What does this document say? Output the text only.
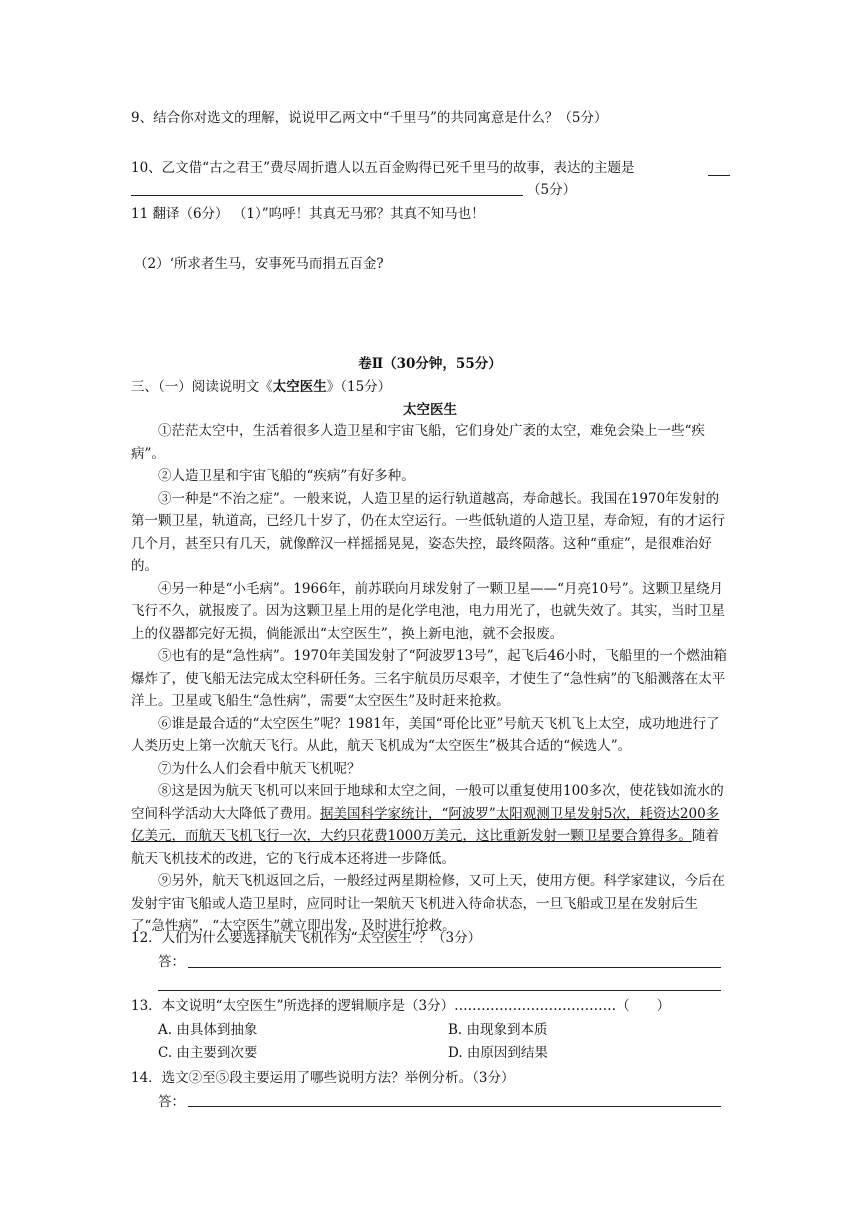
9、结合你对选文的理解，说说甲乙两文中“千里马”的共同寓意是什么？（5分）
10、乙文借“古之君王”费尽周折遣人以五百金购得已死千里马的故事，表达的主题是
（5分）
11 翻译（6分） （1）”呜呼！其真无马邪？其真不知马也！
（2）‘所求者生马，安事死马而捐五百金?
卷Ⅱ（30分钟，55分）
三、（一）阅读说明文《太空医生》（15分）
太空医生

①茫茫太空中，生活着很多人造卫星和宇宙飞船，它们身处广袤的太空，难免会染上一些“疾病”。

②人造卫星和宇宙飞船的“疾病”有好多种。

③一种是“不治之症”。一般来说，人造卫星的运行轨道越高，寿命越长。我国在1970年发射的第一颗卫星，轨道高，已经几十岁了，仍在太空运行。一些低轨道的人造卫星，寿命短，有的才运行几个月，甚至只有几天，就像醉汉一样摇摇晃晃，姿态失控，最终陨落。这种“重症”，是很难治好的。

④另一种是“小毛病”。1966年，前苏联向月球发射了一颗卫星——“月亮10号”。这颗卫星绕月飞行不久，就报废了。因为这颗卫星上用的是化学电池，电力用光了，也就失效了。其实，当时卫星上的仪器都完好无损，倘能派出“太空医生”，换上新电池，就不会报废。

⑤也有的是“急性病”。1970年美国发射了“阿波罗13号”，起飞后46小时，飞船里的一个燃油箱爆炸了，使飞船无法完成太空科研任务。三名宇航员历尽艰辛，才使生了“急性病”的飞船溅落在太平洋上。卫星或飞船生“急性病”，需要“太空医生”及时赶来抢救。

⑥谁是最合适的“太空医生”呢？1981年，美国“哥伦比亚”号航天飞机飞上太空，成功地进行了人类历史上第一次航天飞行。从此，航天飞机成为“太空医生”极其合适的“候选人”。

⑦为什么人们会看中航天飞机呢？

⑧这是因为航天飞机可以来回于地球和太空之间，一般可以重复使用100多次，使花钱如流水的空间科学活动大大降低了费用。据美国科学家统计，“阿波罗”太阳观测卫星发射5次，耗资达200多亿美元，而航天飞机飞行一次，大约只花费1000万美元，这比重新发射一颗卫星要合算得多。随着航天飞机技术的改进，它的飞行成本还将进一步降低。

⑨另外，航天飞机返回之后，一般经过两星期检修，又可上天，使用方便。科学家建议，今后在发射宇宙飞船或人造卫星时，应同时让一架航天飞机进入待命状态，一旦飞船或卫星在发射后生了“急性病”，“太空医生”就立即出发，及时进行抢救。

12．人们为什么要选择航天飞机作为“太空医生”？（3分）
答：
13．本文说明“太空医生”所选择的逻辑顺序是（3分）………………………………（　　）
A. 由具体到抽象	B. 由现象到本质
C. 由主要到次要	D. 由原因到结果
14．选文②至⑤段主要运用了哪些说明方法？举例分析。（3分）
答：
